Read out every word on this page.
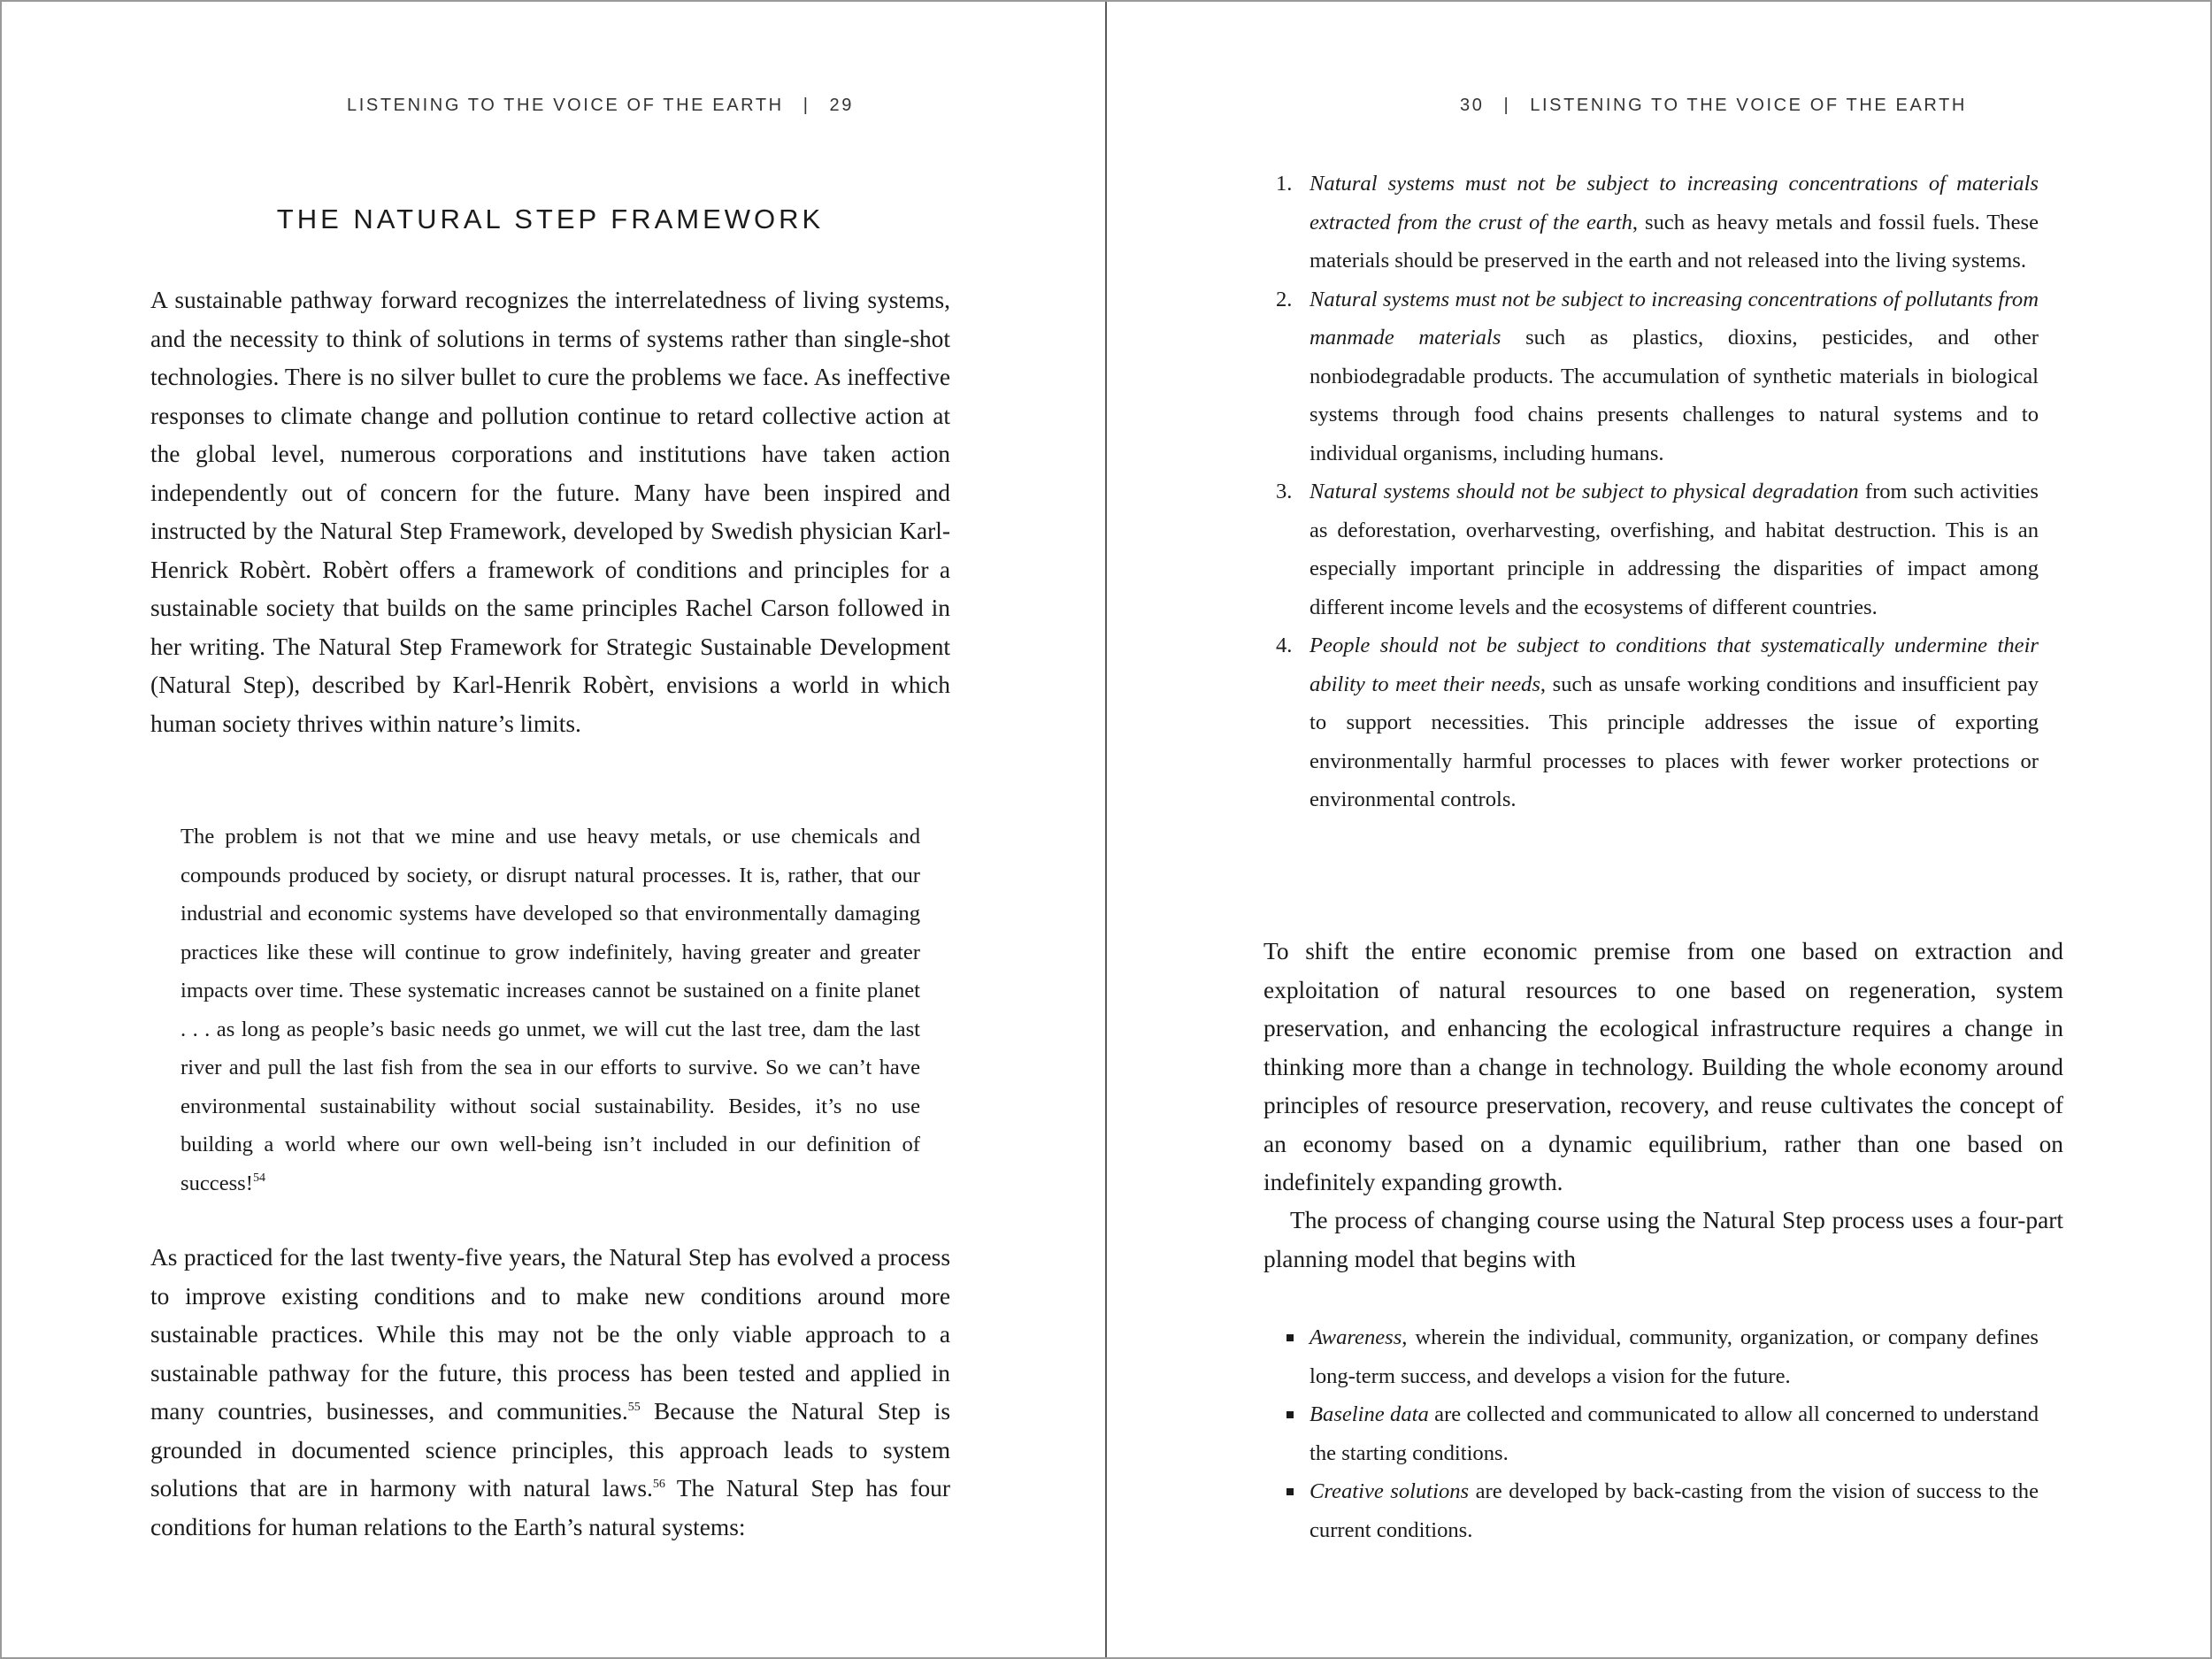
LISTENING TO THE VOICE OF THE EARTH | 29
THE NATURAL STEP FRAMEWORK

A sustainable pathway forward recognizes the interrelatedness of living systems, and the necessity to think of solutions in terms of systems rather than single-shot technologies. There is no silver bullet to cure the problems we face. As ineffective responses to climate change and pollution continue to retard collective action at the global level, numerous corporations and institutions have taken action independently out of concern for the future. Many have been inspired and instructed by the Natural Step Framework, developed by Swedish physician Karl- Henrick Robèrt. Robèrt offers a framework of conditions and principles for a sustainable society that builds on the same principles Rachel Carson followed in her writing. The Natural Step Framework for Strategic Sustainable Development (Natural Step), described by Karl-Henrik Robèrt, envisions a world in which human society thrives within nature’s limits.

The problem is not that we mine and use heavy metals, or use chemicals and compounds produced by society, or disrupt natural processes. It is, rather, that our industrial and economic systems have developed so that environmentally damaging practices like these will continue to grow indefinitely, having greater and greater impacts over time. These systematic increases cannot be sustained on a finite planet . . . as long as people’s basic needs go unmet, we will cut the last tree, dam the last river and pull the last fish from the sea in our efforts to survive. So we can’t have environmental sustainability without social sustainability. Besides, it’s no use building a world where our own well-being isn’t included in our definition of success!$^{54}$

As practiced for the last twenty-five years, the Natural Step has evolved a process to improve existing conditions and to make new conditions around more sustainable practices. While this may not be the only viable approach to a sustainable pathway for the future, this process has been tested and applied in many countries, businesses, and communities.$^{55}$ Because the Natural Step is grounded in documented science principles, this approach leads to system solutions that are in harmony with natural laws.$^{56}$ The Natural Step has four conditions for human relations to the Earth’s natural systems:

30 | LISTENING TO THE VOICE OF THE EARTH
1. Natural systems must not be subject to increasing concentrations of materials extracted from the crust of the earth, such as heavy metals and fossil fuels. These materials should be preserved in the earth and not released into the living systems.
2. Natural systems must not be subject to increasing concentrations of pollutants from manmade materials such as plastics, dioxins, pesticides, and other nonbiodegradable products. The accumulation of synthetic materials in biological systems through food chains presents challenges to natural systems and to individual organisms, including humans.
3. Natural systems should not be subject to physical degradation from such activities as deforestation, overharvesting, overfishing, and habitat destruction. This is an especially important principle in addressing the disparities of impact among different income levels and the ecosystems of different countries.
4. People should not be subject to conditions that systematically undermine their ability to meet their needs, such as unsafe working conditions and insufficient pay to support necessities. This principle addresses the issue of exporting environmentally harmful processes to places with fewer worker protections or environmental controls.

To shift the entire economic premise from one based on extraction and exploitation of natural resources to one based on regeneration, system preservation, and enhancing the ecological infrastructure requires a change in thinking more than a change in technology. Building the whole economy around principles of resource preservation, recovery, and reuse cultivates the concept of an economy based on a dynamic equilibrium, rather than one based on indefinitely expanding growth.

The process of changing course using the Natural Step process uses a four-part planning model that begins with

Awareness, wherein the individual, community, organization, or company defines long-term success, and develops a vision for the future.
Baseline data are collected and communicated to allow all concerned to understand the starting conditions.
Creative solutions are developed by back-casting from the vision of success to the current conditions.
